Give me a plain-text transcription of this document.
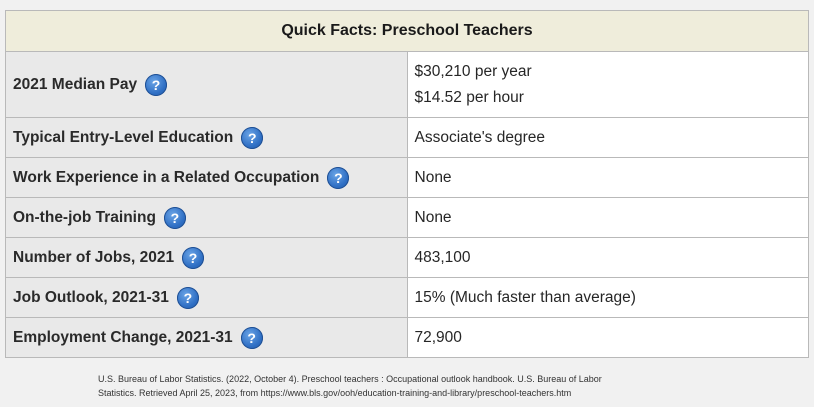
Quick Facts: Preschool Teachers	

2021 Median Pay ?	$30,210 per year
$14.52 per hour

Typical Entry-Level Education ?	Associate's degree

Work Experience in a Related Occupation ?	None

On-the-job Training ?	None

Number of Jobs, 2021 ?	483,100

Job Outlook, 2021-31 ?	15% (Much faster than average)

Employment Change, 2021-31 ?	72,900
U.S. Bureau of Labor Statistics. (2022, October 4). Preschool teachers : Occupational outlook handbook. U.S. Bureau of Labor
Statistics. Retrieved April 25, 2023, from https://www.bls.gov/ooh/education-training-and-library/preschool-teachers.htm
